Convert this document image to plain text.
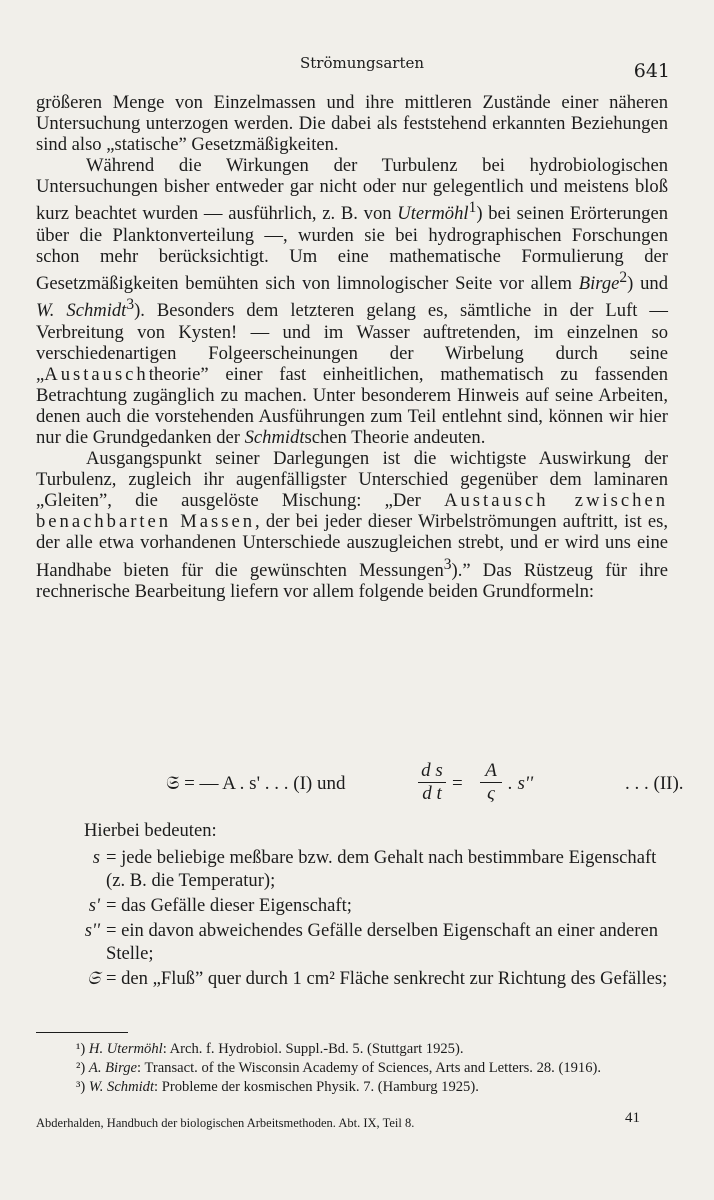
Strömungsarten	641

größeren Menge von Einzelmassen und ihre mittleren Zustände einer näheren Untersuchung unterzogen werden. Die dabei als feststehend erkannten Beziehungen sind also „statische” Gesetzmäßigkeiten.

Während die Wirkungen der Turbulenz bei hydrobiologischen Untersuchungen bisher entweder gar nicht oder nur gelegentlich und meistens bloß kurz beachtet wurden — ausführlich, z. B. von Utermöhl$^1$) bei seinen Erörterungen über die Planktonverteilung —, wurden sie bei hydrographischen Forschungen schon mehr berücksichtigt. Um eine mathematische Formulierung der Gesetzmäßigkeiten bemühten sich von limnologischer Seite vor allem Birge$^2$) und W. Schmidt$^3$). Besonders dem letzteren gelang es, sämtliche in der Luft — Verbreitung von Kysten! — und im Wasser auftretenden, im einzelnen so verschiedenartigen Folgeerscheinungen der Wirbelung durch seine „Austauschtheorie” einer fast einheitlichen, mathematisch zu fassenden Betrachtung zugänglich zu machen. Unter besonderem Hinweis auf seine Arbeiten, denen auch die vorstehenden Ausführungen zum Teil entlehnt sind, können wir hier nur die Grundgedanken der Schmidtschen Theorie andeuten.

Ausgangspunkt seiner Darlegungen ist die wichtigste Auswirkung der Turbulenz, zugleich ihr augenfälligster Unterschied gegenüber dem laminaren „Gleiten”, die ausgelöste Mischung: „Der Austausch zwischen benachbarten Massen, der bei jeder dieser Wirbelströmungen auftritt, ist es, der alle etwa vorhandenen Unterschiede auszugleichen strebt, und er wird uns eine Handhabe bieten für die gewünschten Messungen$^3$).” Das Rüstzeug für ihre rechnerische Bearbeitung liefern vor allem folgende beiden Grundformeln:

𝔖 = — A . s' . . . (I) und	$\frac{\text{d s}}{\text{d t}} = \frac{A}{\varsigma}$ . s''	. . . (II).
Hierbei bedeuten:
s = jede beliebige meßbare bzw. dem Gehalt nach bestimmbare Eigenschaft (z. B. die Temperatur);
s' = das Gefälle dieser Eigenschaft;
s'' = ein davon abweichendes Gefälle derselben Eigenschaft an einer anderen Stelle;
𝔖 = den „Fluß” quer durch 1 cm² Fläche senkrecht zur Richtung des Gefälles;

¹) H. Utermöhl: Arch. f. Hydrobiol. Suppl.-Bd. 5. (Stuttgart 1925).

²) A. Birge: Transact. of the Wisconsin Academy of Sciences, Arts and Letters. 28. (1916).

³) W. Schmidt: Probleme der kosmischen Physik. 7. (Hamburg 1925).

Abderhalden, Handbuch der biologischen Arbeitsmethoden. Abt. IX, Teil 8.	41
